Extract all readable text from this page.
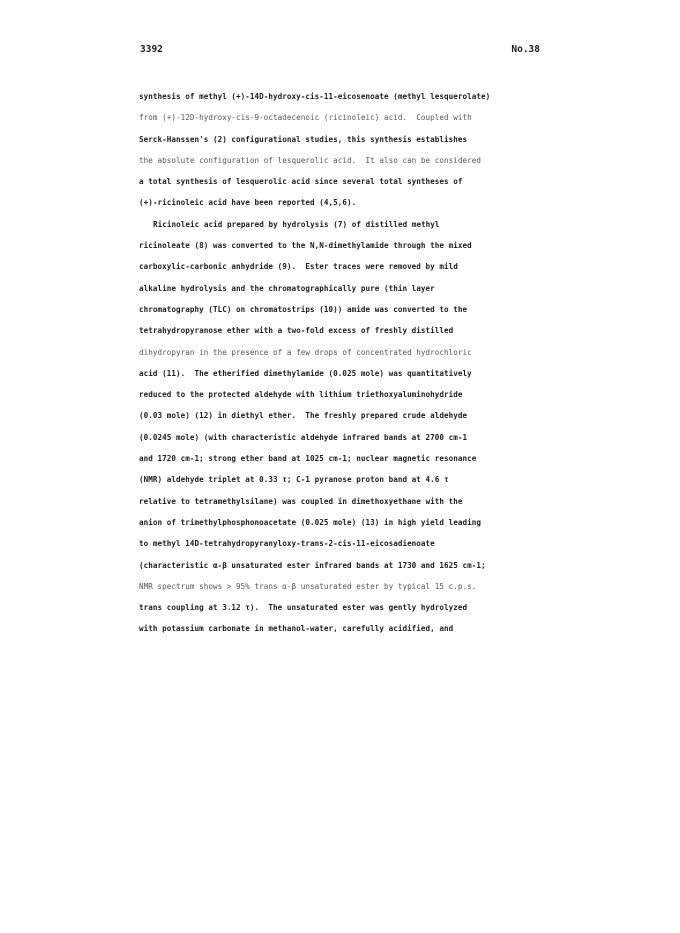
3392	No.38
synthesis of methyl (+)-14D-hydroxy-cis-11-eicosenoate (methyl lesquerolate)
from (+)-12D-hydroxy-cis-9-octadecenoic (ricinoleic) acid.  Coupled with
Serck-Hanssen's (2) configurational studies, this synthesis establishes
the absolute configuration of lesquerolic acid.  It also can be considered
a total synthesis of lesquerolic acid since several total syntheses of
(+)-ricinoleic acid have been reported (4,5,6).
Ricinoleic acid prepared by hydrolysis (7) of distilled methyl
ricinoleate (8) was converted to the N,N-dimethylamide through the mixed
carboxylic-carbonic anhydride (9).  Ester traces were removed by mild
alkaline hydrolysis and the chromatographically pure (thin layer
chromatography (TLC) on chromatostrips (10)) amide was converted to the
tetrahydropyranose ether with a two-fold excess of freshly distilled
dihydropyran in the presence of a few drops of concentrated hydrochloric
acid (11).  The etherified dimethylamide (0.025 mole) was quantitatively
reduced to the protected aldehyde with lithium triethoxyaluminohydride
(0.03 mole) (12) in diethyl ether.  The freshly prepared crude aldehyde
(0.0245 mole) (with characteristic aldehyde infrared bands at 2700 cm-1
and 1720 cm-1; strong ether band at 1025 cm-1; nuclear magnetic resonance
(NMR) aldehyde triplet at 0.33 τ; C-1 pyranose proton band at 4.6 τ
relative to tetramethylsilane) was coupled in dimethoxyethane with the
anion of trimethylphosphonoacetate (0.025 mole) (13) in high yield leading
to methyl 14D-tetrahydropyranyloxy-trans-2-cis-11-eicosadienoate
(characteristic α-β unsaturated ester infrared bands at 1730 and 1625 cm-1;
NMR spectrum shows > 95% trans α-β unsaturated ester by typical 15 c.p.s.
trans coupling at 3.12 τ).  The unsaturated ester was gently hydrolyzed
with potassium carbonate in methanol-water, carefully acidified, and
